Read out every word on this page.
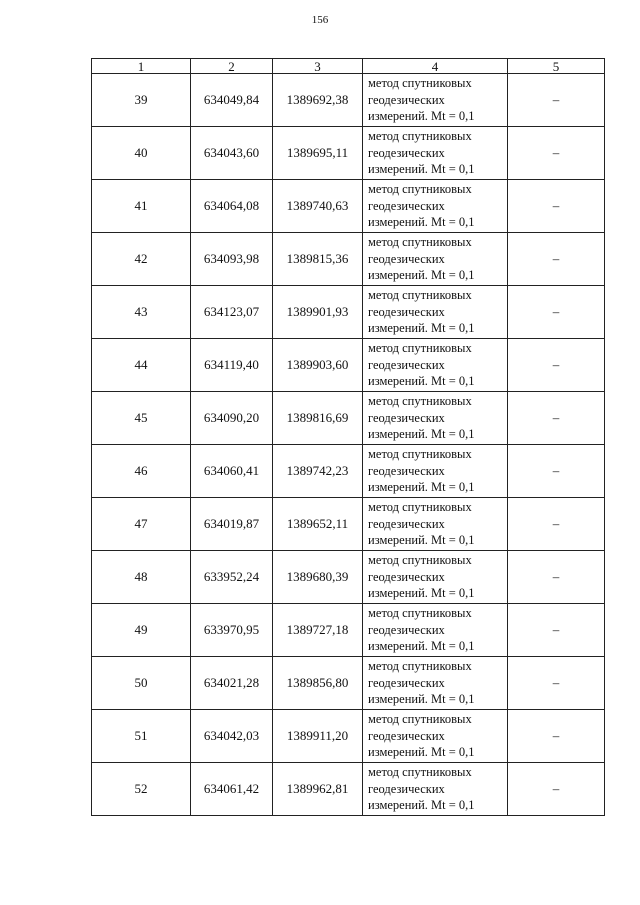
156
1	2	3	4	5
39	634049,84	1389692,38	метод спутниковых
геодезических
измерений. Mt = 0,1	–
40	634043,60	1389695,11	метод спутниковых
геодезических
измерений. Mt = 0,1	–
41	634064,08	1389740,63	метод спутниковых
геодезических
измерений. Mt = 0,1	–
42	634093,98	1389815,36	метод спутниковых
геодезических
измерений. Mt = 0,1	–
43	634123,07	1389901,93	метод спутниковых
геодезических
измерений. Mt = 0,1	–
44	634119,40	1389903,60	метод спутниковых
геодезических
измерений. Mt = 0,1	–
45	634090,20	1389816,69	метод спутниковых
геодезических
измерений. Mt = 0,1	–
46	634060,41	1389742,23	метод спутниковых
геодезических
измерений. Mt = 0,1	–
47	634019,87	1389652,11	метод спутниковых
геодезических
измерений. Mt = 0,1	–
48	633952,24	1389680,39	метод спутниковых
геодезических
измерений. Mt = 0,1	–
49	633970,95	1389727,18	метод спутниковых
геодезических
измерений. Mt = 0,1	–
50	634021,28	1389856,80	метод спутниковых
геодезических
измерений. Mt = 0,1	–
51	634042,03	1389911,20	метод спутниковых
геодезических
измерений. Mt = 0,1	–
52	634061,42	1389962,81	метод спутниковых
геодезических
измерений. Mt = 0,1	–
